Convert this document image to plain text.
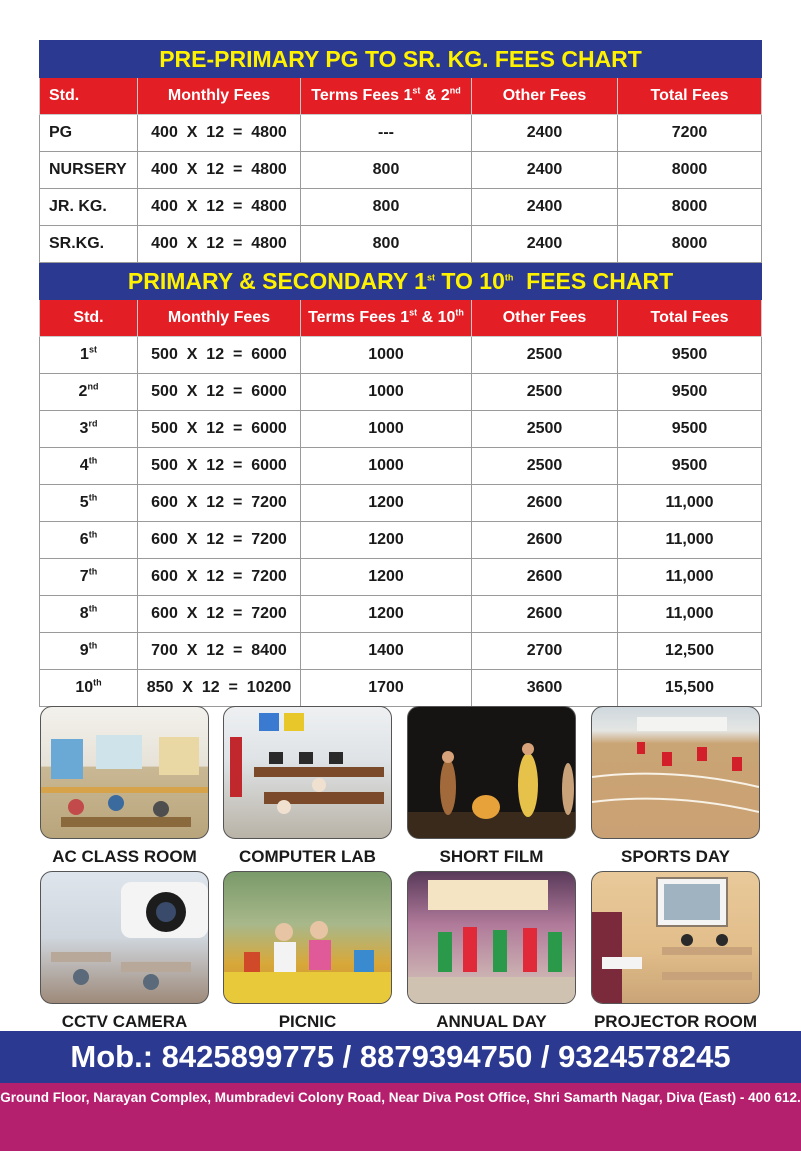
PRE-PRIMARY PG TO SR. KG. FEES CHART				
Std.	Monthly Fees	Terms Fees 1st & 2nd	Other Fees	Total Fees
PG	400  X  12  =  4800	---	2400	7200
NURSERY	400  X  12  =  4800	800	2400	8000
JR. KG.	400  X  12  =  4800	800	2400	8000
SR.KG.	400  X  12  =  4800	800	2400	8000
PRIMARY & SECONDARY 1st TO 10th  FEES CHART				
Std.	Monthly Fees	Terms Fees 1st & 10th	Other Fees	Total Fees
1st	500  X  12  =  6000	1000	2500	9500
2nd	500  X  12  =  6000	1000	2500	9500
3rd	500  X  12  =  6000	1000	2500	9500
4th	500  X  12  =  6000	1000	2500	9500
5th	600  X  12  =  7200	1200	2600	11,000
6th	600  X  12  =  7200	1200	2600	11,000
7th	600  X  12  =  7200	1200	2600	11,000
8th	600  X  12  =  7200	1200	2600	11,000
9th	700  X  12  =  8400	1400	2700	12,500
10th	850  X  12  =  10200	1700	3600	15,500
AC CLASS ROOM	COMPUTER LAB	SHORT FILM	SPORTS DAY
CCTV CAMERA	PICNIC	ANNUAL DAY	PROJECTOR ROOM
Mob.: 8425899775 / 8879394750 / 9324578245
Ground Floor, Narayan Complex, Mumbradevi Colony Road, Near Diva Post Office, Shri Samarth Nagar, Diva (East) - 400 612.
